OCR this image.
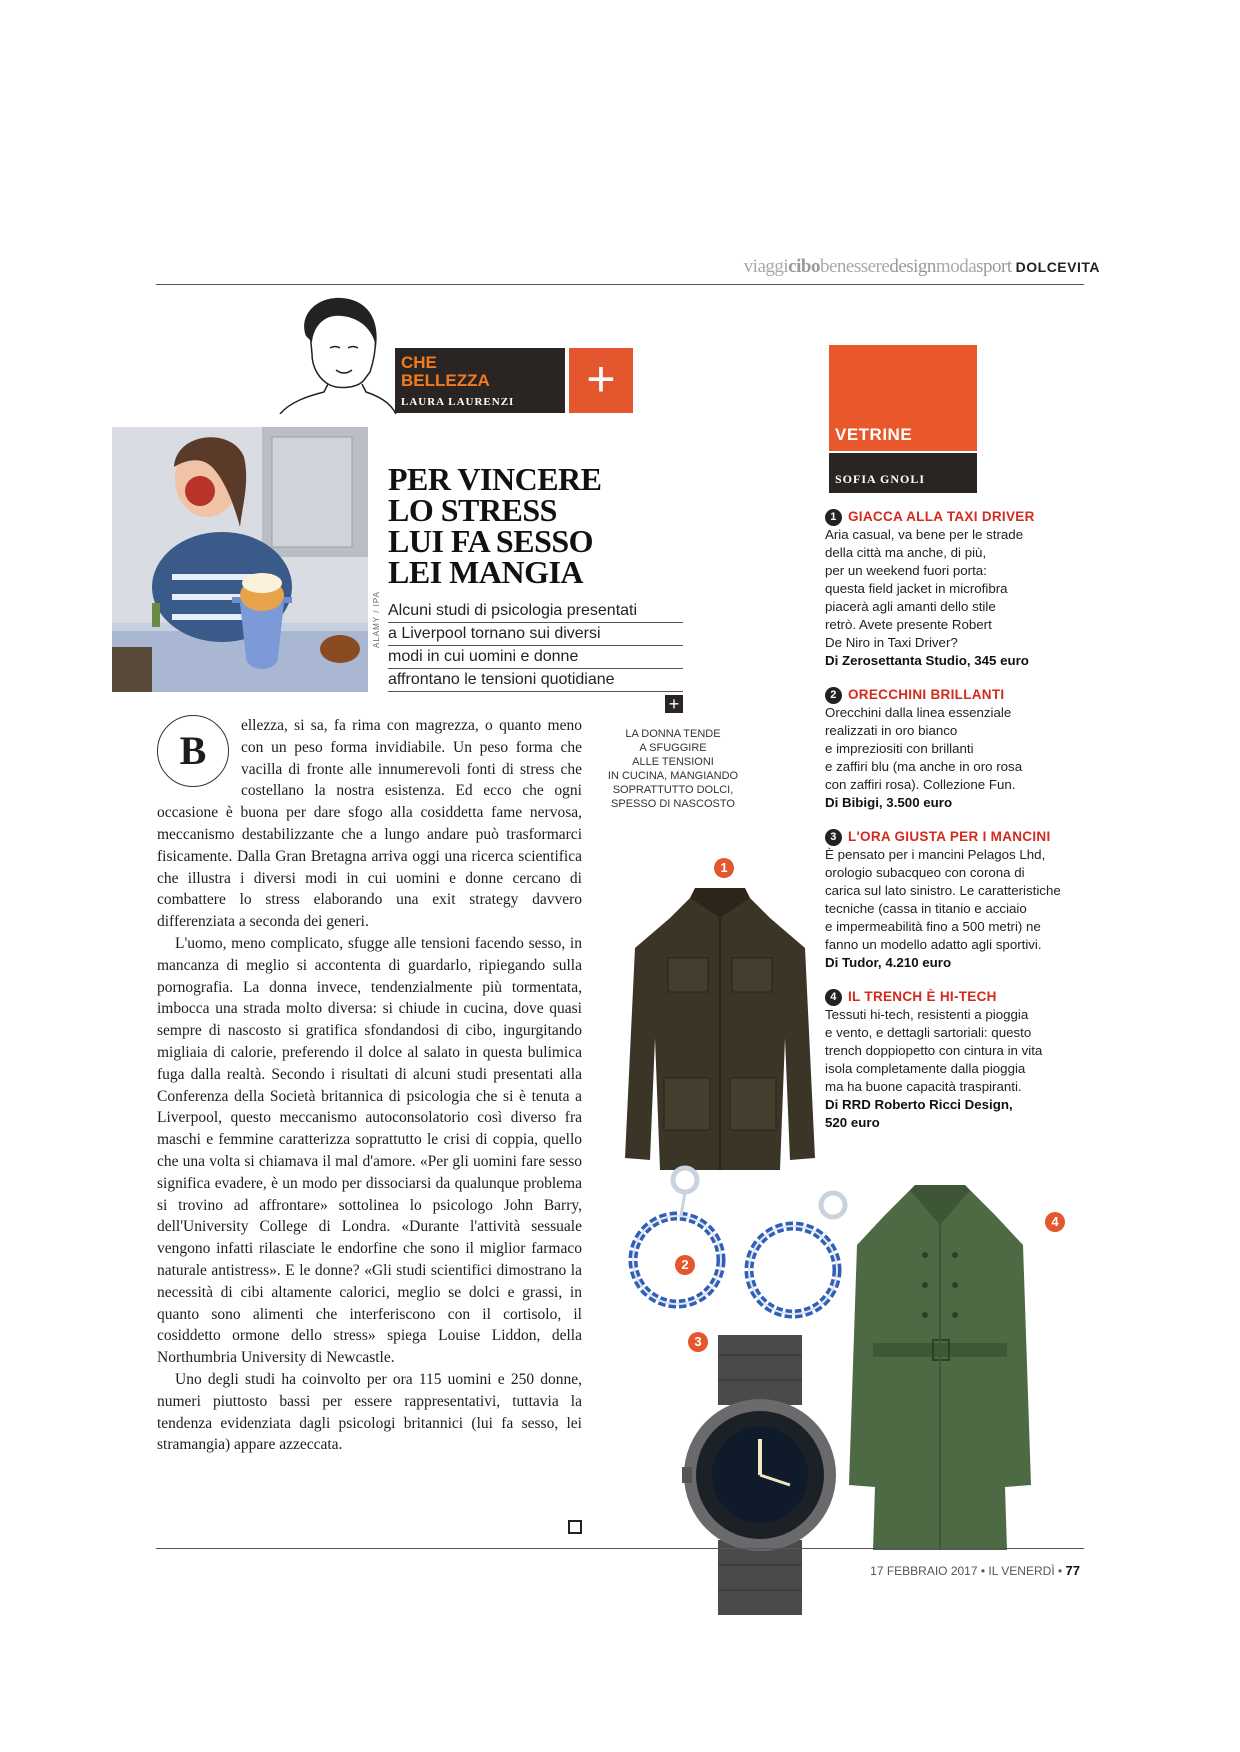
viaggicibobenesseredesignmodasport DOLCEVITA
CHE
BELLEZZA
LAURA LAURENZI	+
VETRINE
SOFIA GNOLI
ALAMY / IPA
PER VINCERE
LO STRESS
LUI FA SESSO
LEI MANGIA
Alcuni studi di psicologia presentati
a Liverpool tornano sui diversi
modi in cui uomini e donne
affrontano le tensioni quotidiane
+
LA DONNA TENDE
A SFUGGIRE
ALLE TENSIONI
IN CUCINA, MANGIANDO
SOPRATTUTTO DOLCI,
SPESSO DI NASCOSTO

B
ellezza, si sa, fa rima con magrezza, o quanto meno con un peso forma invidiabile. Un peso forma che vacilla di fronte alle innumerevoli fonti di stress che costellano la nostra esistenza. Ed ecco che ogni occasione è buona per dare sfogo alla cosiddetta fame nervosa, meccanismo destabilizzante che a lungo andare può trasformarci fisicamente. Dalla Gran Bretagna arriva oggi una ricerca scientifica che illustra i diversi modi in cui uomini e donne cercano di combattere lo stress elaborando una exit strategy davvero differenziata a seconda dei generi.

L'uomo, meno complicato, sfugge alle tensioni facendo sesso, in mancanza di meglio si accontenta di guardarlo, ripiegando sulla pornografia. La donna invece, tendenzialmente più tormentata, imbocca una strada molto diversa: si chiude in cucina, dove quasi sempre di nascosto si gratifica sfondandosi di cibo, ingurgitando migliaia di calorie, preferendo il dolce al salato in questa bulimica fuga dalla realtà. Secondo i risultati di alcuni studi presentati alla Conferenza della Società britannica di psicologia che si è tenuta a Liverpool, questo meccanismo autoconsolatorio così diverso fra maschi e femmine caratterizza soprattutto le crisi di coppia, quello che una volta si chiamava il mal d'amore. «Per gli uomini fare sesso significa evadere, è un modo per dissociarsi da qualunque problema si trovino ad affrontare» sottolinea lo psicologo John Barry, dell'University College di Londra. «Durante l'attività sessuale vengono infatti rilasciate le endorfine che sono il miglior farmaco naturale antistress». E le donne? «Gli studi scientifici dimostrano la necessità di cibi altamente calorici, meglio se dolci e grassi, in quanto sono alimenti che interferiscono con il cortisolo, il cosiddetto ormone dello stress» spiega Louise Liddon, della Northumbria University di Newcastle.

Uno degli studi ha coinvolto per ora 115 uomini e 250 donne, numeri piuttosto bassi per essere rappresentativi, tuttavia la tendenza evidenziata dagli psicologi britannici (lui fa sesso, lei stramangia) appare azzeccata.

1 GIACCA ALLA TAXI DRIVER
Aria casual, va bene per le strade
della città ma anche, di più,
per un weekend fuori porta:
questa field jacket in microfibra
piacerà agli amanti dello stile
retrò. Avete presente Robert
De Niro in Taxi Driver?
Di Zerosettanta Studio, 345 euro
2 ORECCHINI BRILLANTI
Orecchini dalla linea essenziale
realizzati in oro bianco
e impreziositi con brillanti
e zaffiri blu (ma anche in oro rosa
con zaffiri rosa). Collezione Fun.
Di Bibigi, 3.500 euro
3 L'ORA GIUSTA PER I MANCINI
È pensato per i mancini Pelagos Lhd,
orologio subacqueo con corona di
carica sul lato sinistro. Le caratteristiche
tecniche (cassa in titanio e acciaio
e impermeabilità fino a 500 metri) ne
fanno un modello adatto agli sportivi.
Di Tudor, 4.210 euro
4 IL TRENCH È HI-TECH
Tessuti hi-tech, resistenti a pioggia
e vento, e dettagli sartoriali: questo
trench doppiopetto con cintura in vita
isola completamente dalla pioggia
ma ha buone capacità traspiranti.
Di RRD Roberto Ricci Design, 520 euro
1
2
3
4
17 FEBBRAIO 2017 • IL VENERDÌ • 77
